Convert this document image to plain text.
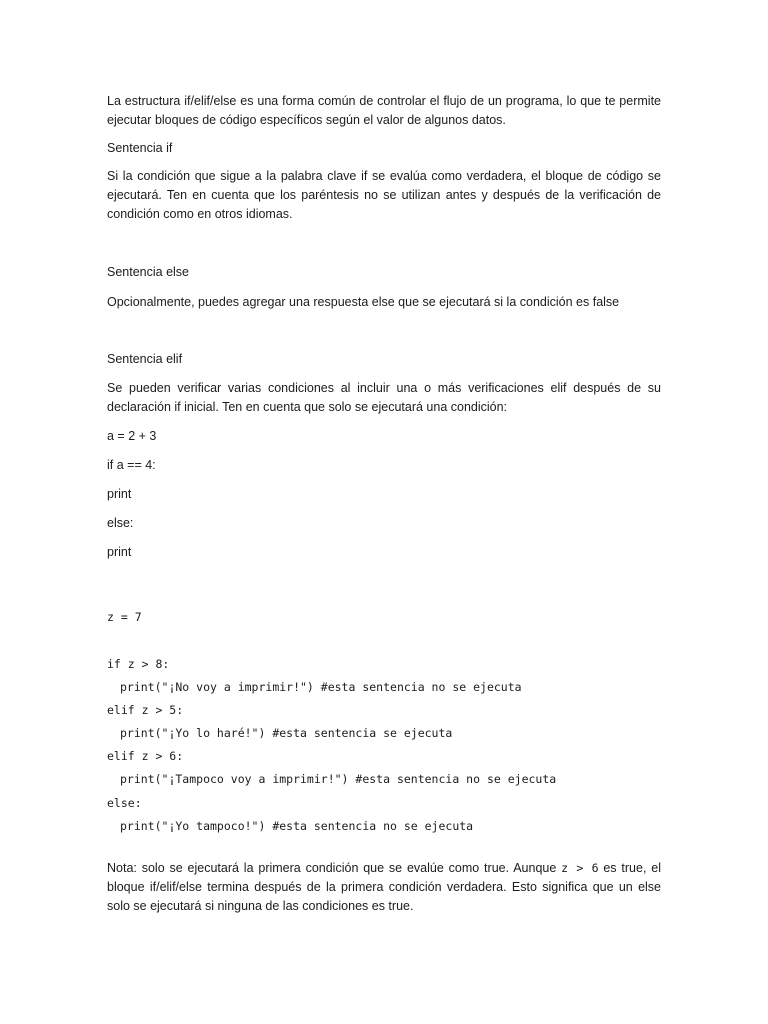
La estructura if/elif/else es una forma común de controlar el flujo de un programa, lo que te permite ejecutar bloques de código específicos según el valor de algunos datos.

Sentencia if

Si la condición que sigue a la palabra clave if se evalúa como verdadera, el bloque de código se ejecutará. Ten en cuenta que los paréntesis no se utilizan antes y después de la verificación de condición como en otros idiomas.

Sentencia else

Opcionalmente, puedes agregar una respuesta else que se ejecutará si la condición es false

Sentencia elif

Se pueden verificar varias condiciones al incluir una o más verificaciones elif después de su declaración if inicial. Ten en cuenta que solo se ejecutará una condición:

a = 2 + 3

if a == 4:

print

else:

print

z = 7

if z > 8:

print("¡No voy a imprimir!") #esta sentencia no se ejecuta

elif z > 5:

print("¡Yo lo haré!") #esta sentencia se ejecuta

elif z > 6:

print("¡Tampoco voy a imprimir!") #esta sentencia no se ejecuta

else:

print("¡Yo tampoco!") #esta sentencia no se ejecuta

Nota: solo se ejecutará la primera condición que se evalúe como true. Aunque z > 6 es true, el bloque if/elif/else termina después de la primera condición verdadera. Esto significa que un else solo se ejecutará si ninguna de las condiciones es true.
